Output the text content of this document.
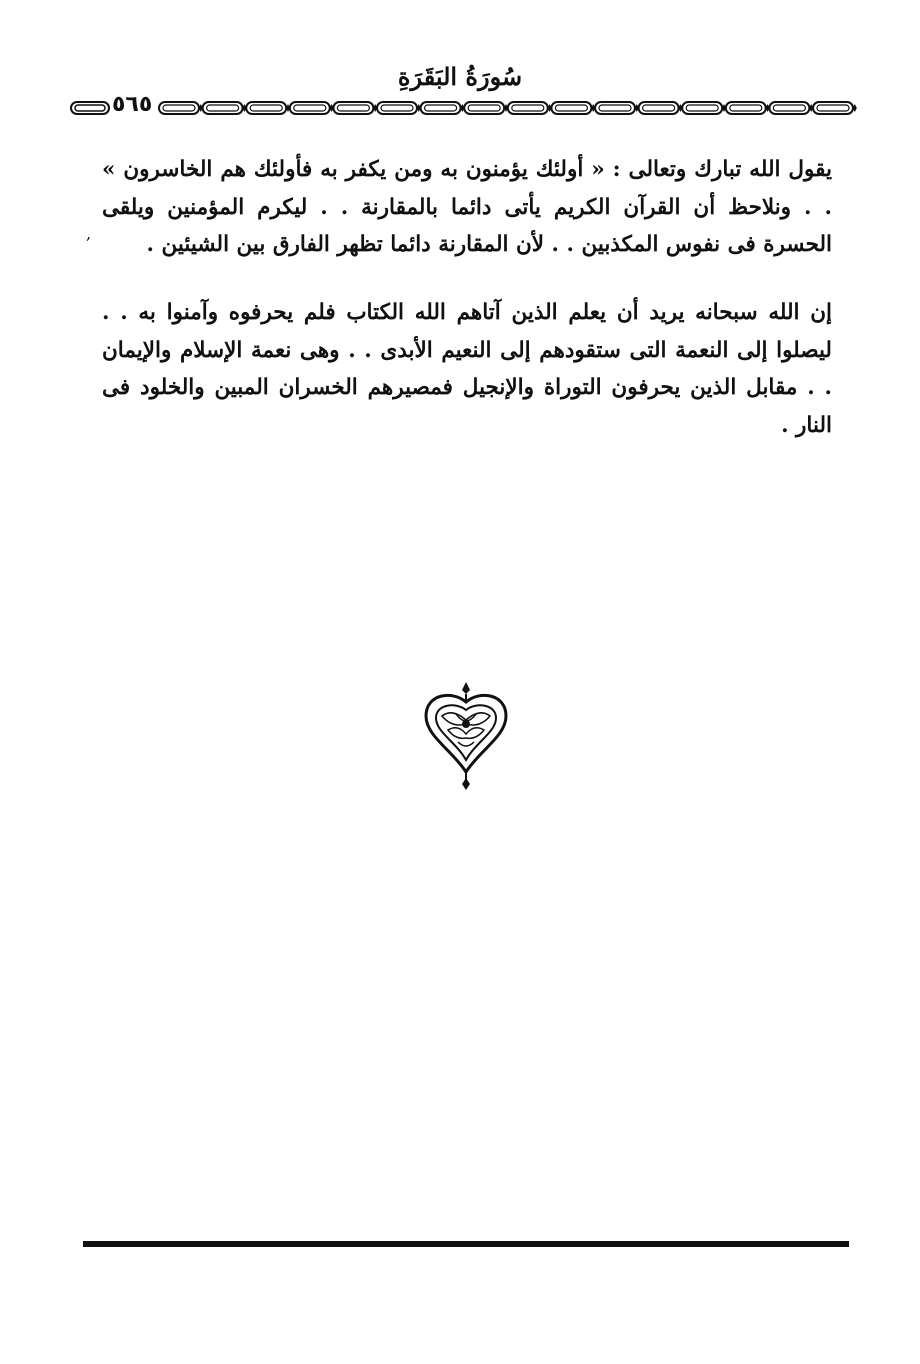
سُورَةُ البَقَرَةِ
٥٦٥

يقول الله تبارك وتعالى : « أولئك يؤمنون به ومن يكفر به فأولئك هم الخاسرون » . . ونلاحظ أن القرآن الكريم يأتى دائما بالمقارنة . . ليكرم المؤمنين ويلقى الحسرة فى نفوس المكذبين . . لأن المقارنة دائما تظهر الفارق بين الشيئين .

,

إن الله سبحانه يريد أن يعلم الذين آتاهم الله الكتاب فلم يحرفوه وآمنوا به . . ليصلوا إلى النعمة التى ستقودهم إلى النعيم الأبدى . . وهى نعمة الإسلام والإيمان . . مقابل الذين يحرفون التوراة والإنجيل فمصيرهم الخسران المبين والخلود فى النار .
